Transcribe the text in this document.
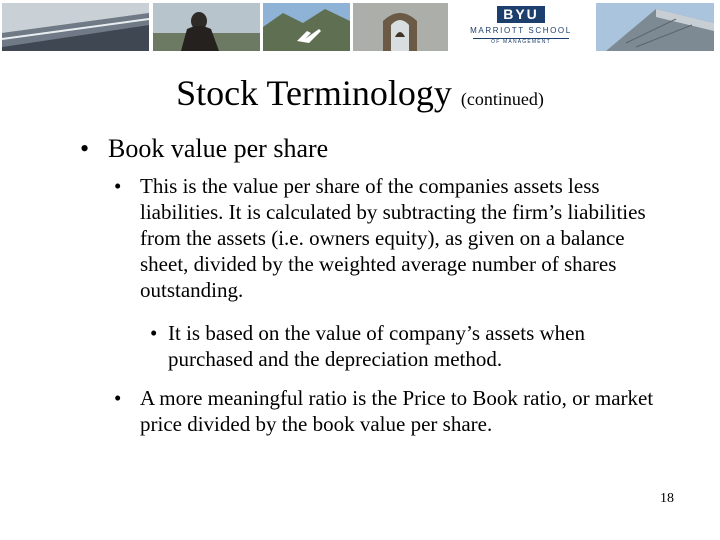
BYU
MARRIOTT SCHOOL
OF MANAGEMENT
Stock Terminology (continued)
• Book value per share
• This is the value per share of the companies assets less liabilities. It is calculated by subtracting the firm’s liabilities from the assets (i.e. owners equity), as given on a balance sheet, divided by the weighted average number of shares outstanding.
• It is based on the value of company’s assets when purchased and the depreciation method.
• A more meaningful ratio is the Price to Book ratio, or market price divided by the book value per share.
18
